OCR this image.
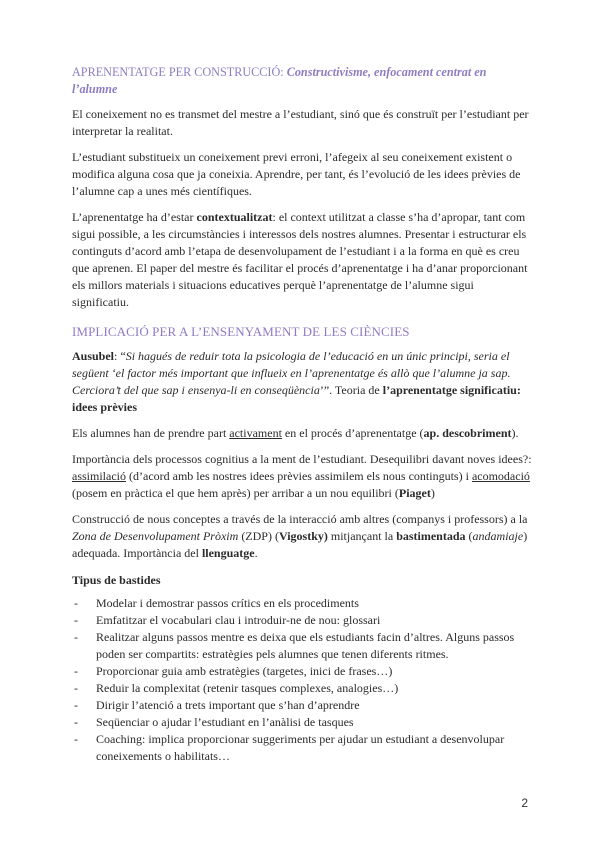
APRENENTATGE PER CONSTRUCCIÓ: Constructivisme, enfocament centrat en l’alumne

El coneixement no es transmet del mestre a l’estudiant, sinó que és construït per l’estudiant per interpretar la realitat.

L’estudiant substitueix un coneixement previ erroni, l’afegeix al seu coneixement existent o modifica alguna cosa que ja coneixia. Aprendre, per tant, és l’evolució de les idees prèvies de l’alumne cap a unes més científiques.

L’aprenentatge ha d’estar contextualitzat: el context utilitzat a classe s’ha d’apropar, tant com sigui possible, a les circumstàncies i interessos dels nostres alumnes. Presentar i estructurar els continguts d’acord amb l’etapa de desenvolupament de l’estudiant i a la forma en què es creu que aprenen. El paper del mestre és facilitar el procés d’aprenentatge i ha d’anar proporcionant els millors materials i situacions educatives perquè l’aprenentatge de l’alumne sigui significatiu.

IMPLICACIÓ PER A L’ENSENYAMENT DE LES CIÈNCIES

Ausubel: “Si hagués de reduir tota la psicologia de l’educació en un únic principi, seria el següent ‘el factor més important que influeix en l’aprenentatge és allò que l’alumne ja sap. Cerciora’t del que sap i ensenya-li en conseqüència’”. Teoria de l’aprenentatge significatiu: idees prèvies

Els alumnes han de prendre part activament en el procés d’aprenentatge (ap. descobriment).

Importància dels processos cognitius a la ment de l’estudiant. Desequilibri davant noves idees?: assimilació (d’acord amb les nostres idees prèvies assimilem els nous continguts) i acomodació (posem en pràctica el que hem après) per arribar a un nou equilibri (Piaget)

Construcció de nous conceptes a través de la interacció amb altres (companys i professors) a la Zona de Desenvolupament Pròxim (ZDP) (Vigostky) mitjançant la bastimentada (andamiaje) adequada. Importància del llenguatge.

Tipus de bastides
- Modelar i demostrar passos crítics en els procediments
- Emfatitzar el vocabulari clau i introduir-ne de nou: glossari
- Realitzar alguns passos mentre es deixa que els estudiants facin d’altres. Alguns passos poden ser compartits: estratègies pels alumnes que tenen diferents ritmes.
- Proporcionar guia amb estratègies (targetes, inici de frases…)
- Reduir la complexitat (retenir tasques complexes, analogies…)
- Dirigir l’atenció a trets important que s’han d’aprendre
- Seqüenciar o ajudar l’estudiant en l’anàlisi de tasques
- Coaching: implica proporcionar suggeriments per ajudar un estudiant a desenvolupar coneixements o habilitats…
2
